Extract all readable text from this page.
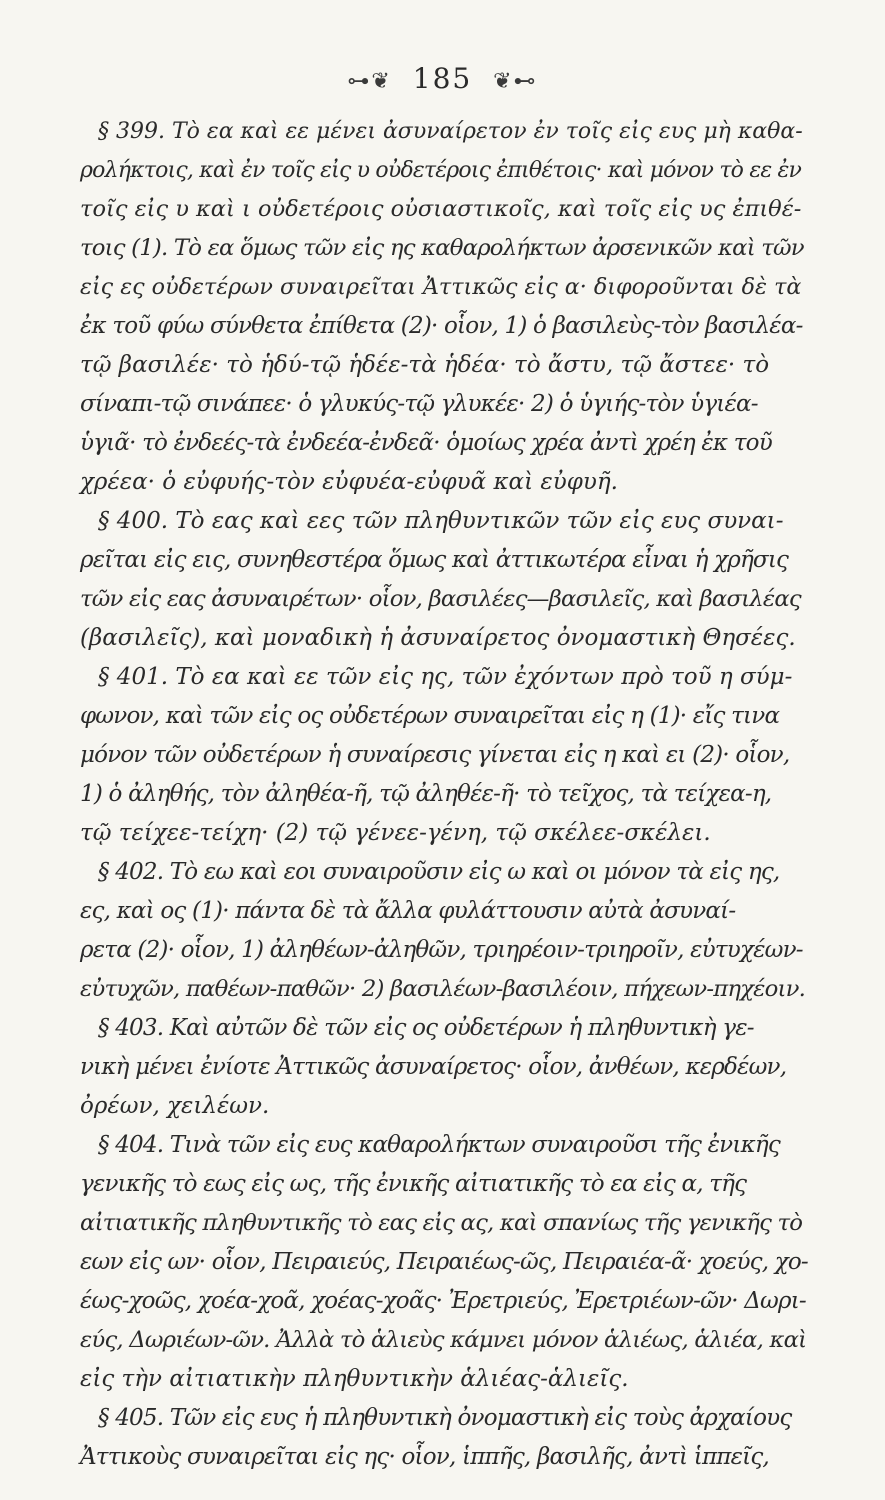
⊶❦ 185 ❦⊷
§ 399. Τὸ εα καὶ εε μένει ἀσυναίρετον ἐν τοῖς εἰς ευς μὴ καθα-
ρολήκτοις, καὶ ἐν τοῖς εἰς υ οὐδετέροις ἐπιθέτοις· καὶ μόνον τὸ εε ἐν
τοῖς εἰς υ καὶ ι οὐδετέροις οὐσιαστικοῖς, καὶ τοῖς εἰς υς ἐπιθέ-
τοις (1). Τὸ εα ὅμως τῶν εἰς ης καθαρολήκτων ἀρσενικῶν καὶ τῶν
εἰς ες οὐδετέρων συναιρεῖται Ἀττικῶς εἰς α· διφοροῦνται δὲ τὰ
ἐκ τοῦ φύω σύνθετα ἐπίθετα (2)· οἷον, 1) ὁ βασιλεὺς-τὸν βασιλέα-
τῷ βασιλέε· τὸ ἡδύ-τῷ ἡδέε-τὰ ἡδέα· τὸ ἄστυ, τῷ ἄστεε· τὸ
σίναπι-τῷ σινάπεε· ὁ γλυκύς-τῷ γλυκέε· 2) ὁ ὑγιής-τὸν ὑγιέα-
ὑγιᾶ· τὸ ἐνδεές-τὰ ἐνδεέα-ἐνδεᾶ· ὁμοίως χρέα ἀντὶ χρέη ἐκ τοῦ
χρέεα· ὁ εὐφυής-τὸν εὐφυέα-εὐφυᾶ καὶ εὐφυῆ.
§ 400. Τὸ εας καὶ εες τῶν πληθυντικῶν τῶν εἰς ευς συναι-
ρεῖται εἰς εις, συνηθεστέρα ὅμως καὶ ἀττικωτέρα εἶναι ἡ χρῆσις
τῶν εἰς εας ἀσυναιρέτων· οἷον, βασιλέες—βασιλεῖς, καὶ βασιλέας
(βασιλεῖς), καὶ μοναδικὴ ἡ ἀσυναίρετος ὀνομαστικὴ Θησέες.
§ 401. Τὸ εα καὶ εε τῶν εἰς ης, τῶν ἐχόντων πρὸ τοῦ η σύμ-
φωνον, καὶ τῶν εἰς ος οὐδετέρων συναιρεῖται εἰς η (1)· εἴς τινα
μόνον τῶν οὐδετέρων ἡ συναίρεσις γίνεται εἰς η καὶ ει (2)· οἷον,
1) ὁ ἀληθής, τὸν ἀληθέα-ῆ, τῷ ἀληθέε-ῆ· τὸ τεῖχος, τὰ τείχεα-η,
τῷ τείχεε-τείχη· (2) τῷ γένεε-γένη, τῷ σκέλεε-σκέλει.
§ 402. Τὸ εω καὶ εοι συναιροῦσιν εἰς ω καὶ οι μόνον τὰ εἰς ης,
ες, καὶ ος (1)· πάντα δὲ τὰ ἄλλα φυλάττουσιν αὐτὰ ἀσυναί-
ρετα (2)· οἷον, 1) ἀληθέων-ἀληθῶν, τριηρέοιν-τριηροῖν, εὐτυχέων-
εὐτυχῶν, παθέων-παθῶν· 2) βασιλέων-βασιλέοιν, πήχεων-πηχέοιν.
§ 403. Καὶ αὐτῶν δὲ τῶν εἰς ος οὐδετέρων ἡ πληθυντικὴ γε-
νικὴ μένει ἐνίοτε Ἀττικῶς ἀσυναίρετος· οἷον, ἀνθέων, κερδέων,
ὀρέων, χειλέων.
§ 404. Τινὰ τῶν εἰς ευς καθαρολήκτων συναιροῦσι τῆς ἐνικῆς
γενικῆς τὸ εως εἰς ως, τῆς ἐνικῆς αἰτιατικῆς τὸ εα εἰς α, τῆς
αἰτιατικῆς πληθυντικῆς τὸ εας εἰς ας, καὶ σπανίως τῆς γενικῆς τὸ
εων εἰς ων· οἷον, Πειραιεύς, Πειραιέως-ῶς, Πειραιέα-ᾶ· χοεύς, χο-
έως-χοῶς, χοέα-χοᾶ, χοέας-χοᾶς· Ἐρετριεύς, Ἐρετριέων-ῶν· Δωρι-
εύς, Δωριέων-ῶν. Ἀλλὰ τὸ ἁλιεὺς κάμνει μόνον ἁλιέως, ἁλιέα, καὶ
εἰς τὴν αἰτιατικὴν πληθυντικὴν ἁλιέας-ἁλιεῖς.
§ 405. Τῶν εἰς ευς ἡ πληθυντικὴ ὀνομαστικὴ εἰς τοὺς ἀρχαίους
Ἀττικοὺς συναιρεῖται εἰς ης· οἷον, ἱππῆς, βασιλῆς, ἀντὶ ἱππεῖς,
